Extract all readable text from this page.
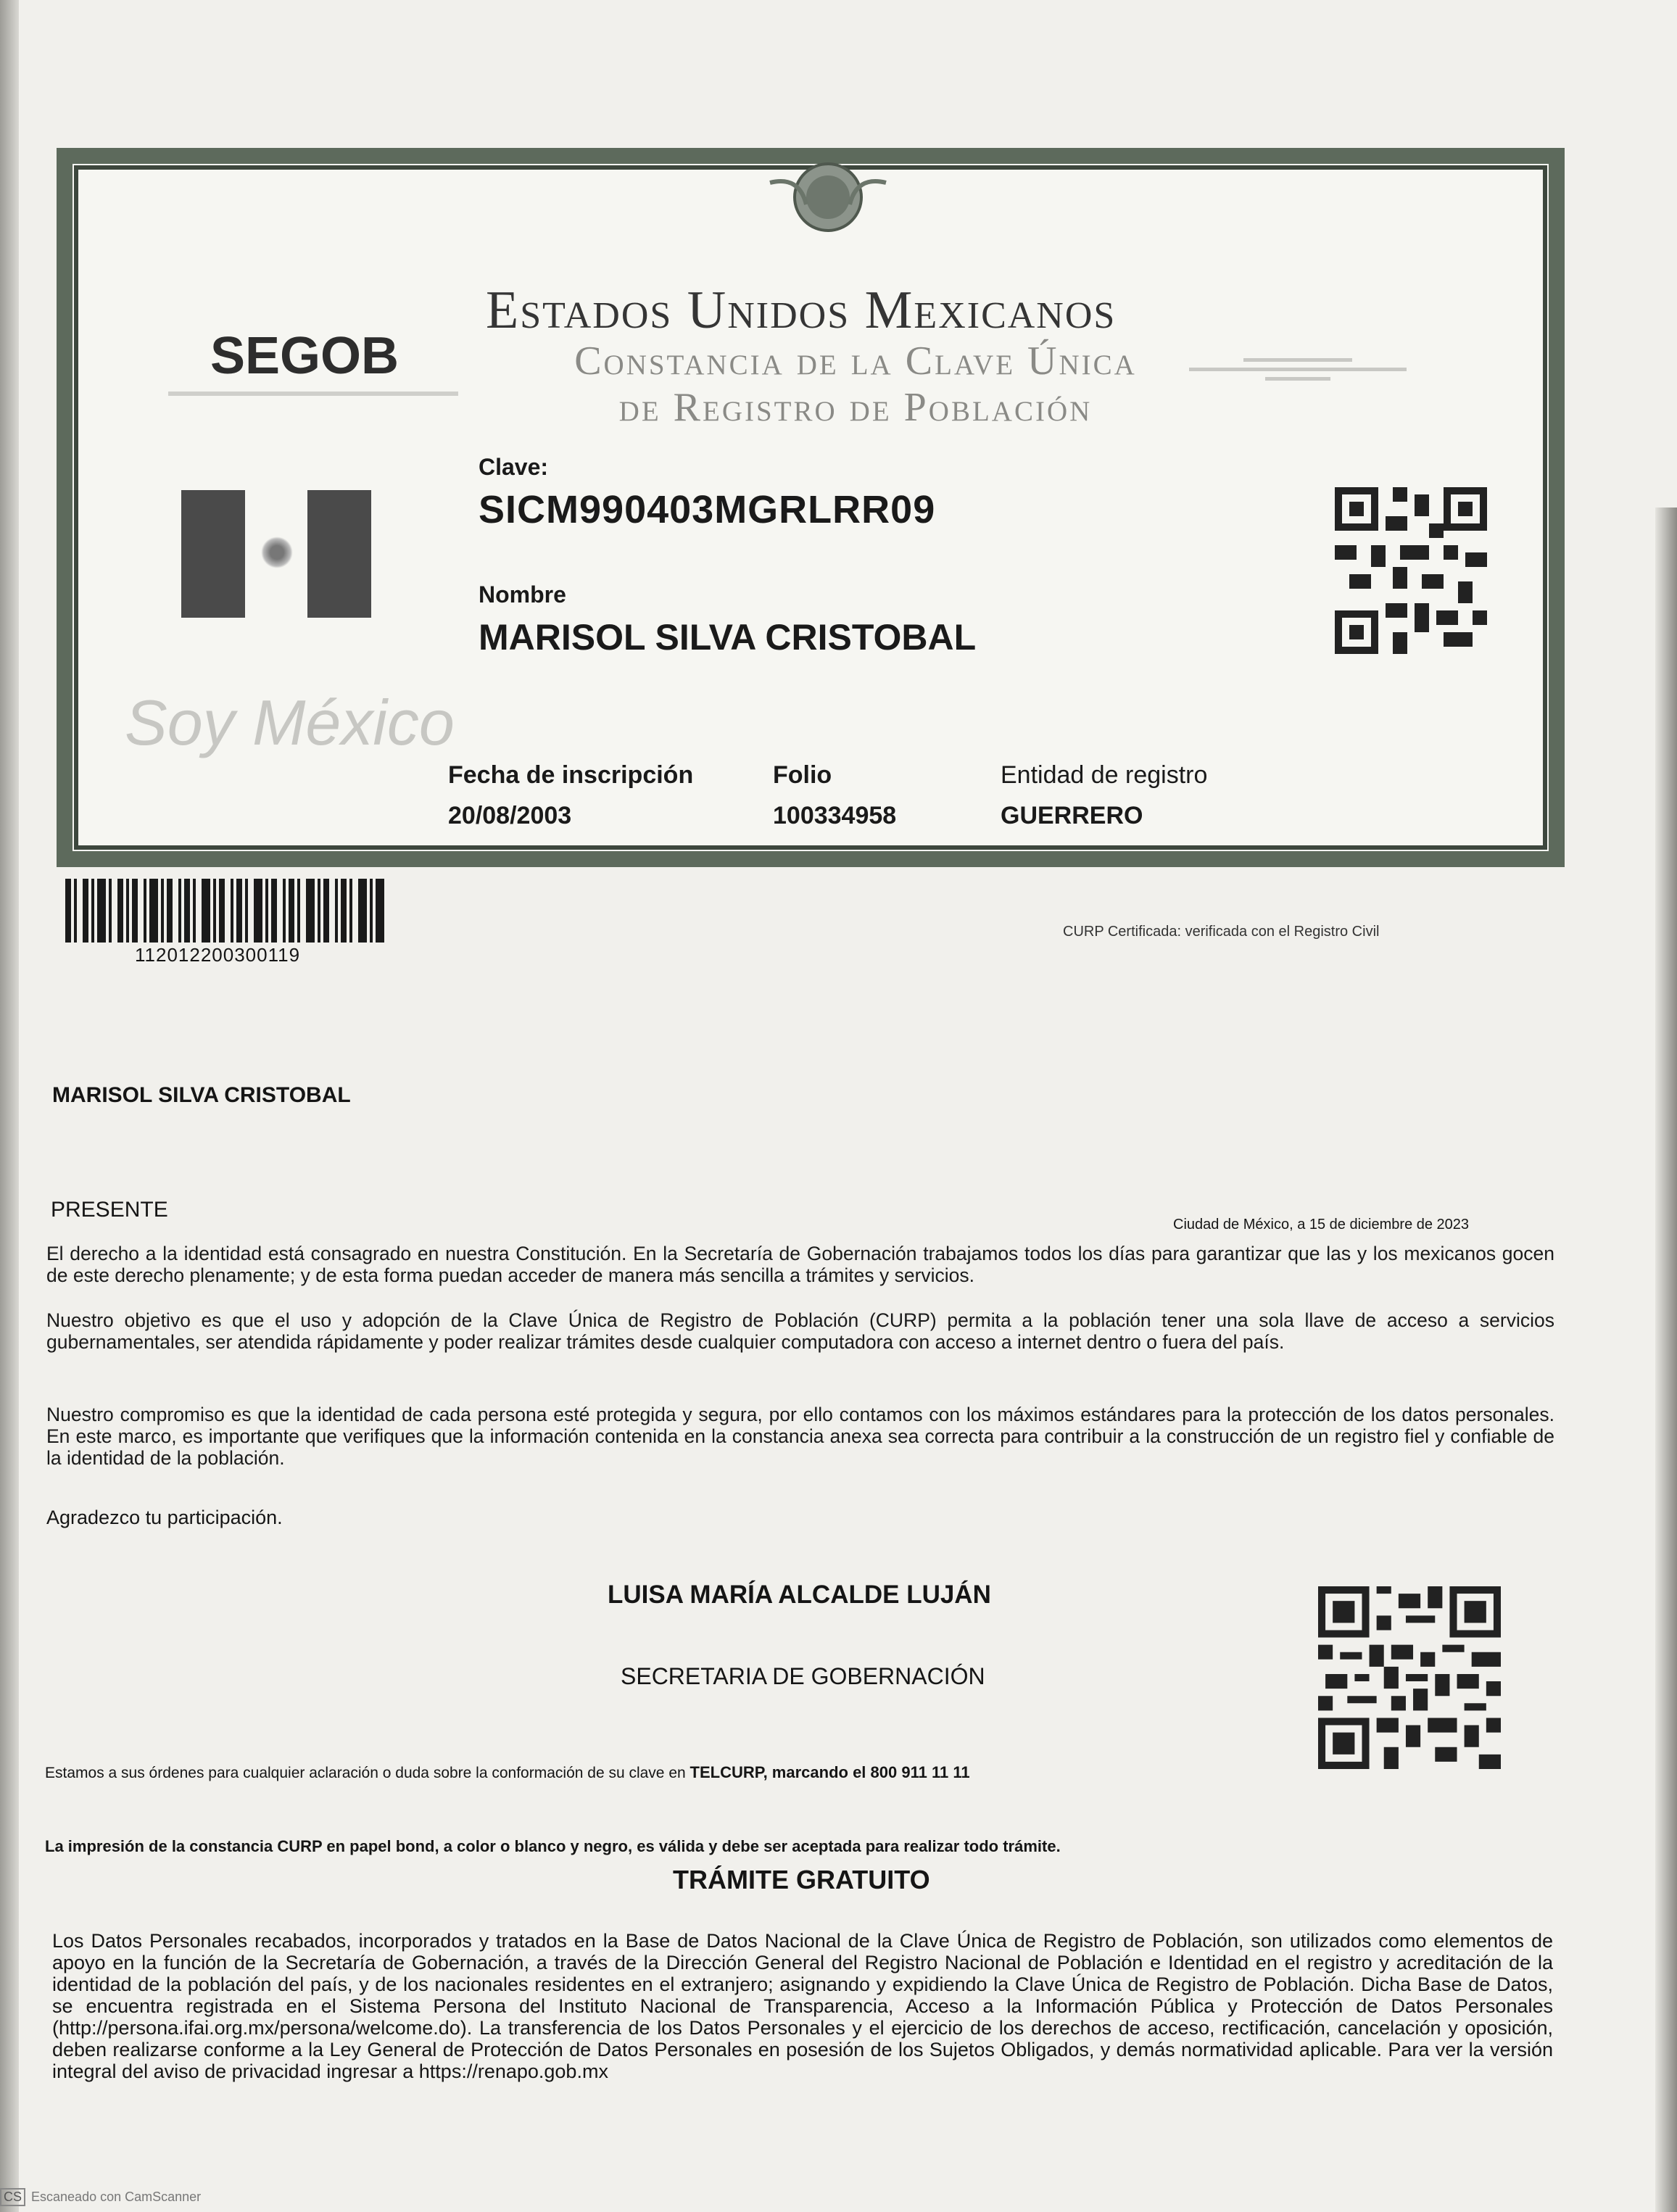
Estados Unidos Mexicanos
Constancia de la Clave Única
de Registro de Población
SEGOB
Clave:
SICM990403MGRLRR09
Nombre
MARISOL SILVA CRISTOBAL
Soy México
Fecha de inscripción
20/08/2003
Folio
100334958
Entidad de registro
GUERRERO
112012200300119
CURP Certificada: verificada con el Registro Civil
MARISOL SILVA CRISTOBAL
PRESENTE
Ciudad de México, a 15 de diciembre de 2023
El derecho a la identidad está consagrado en nuestra Constitución. En la Secretaría de Gobernación trabajamos todos los días para garantizar que las y los mexicanos gocen de este derecho plenamente; y de esta forma puedan acceder de manera más sencilla a trámites y servicios.
Nuestro objetivo es que el uso y adopción de la Clave Única de Registro de Población (CURP) permita a la población tener una sola llave de acceso a servicios gubernamentales, ser atendida rápidamente y poder realizar trámites desde cualquier computadora con acceso a internet dentro o fuera del país.
Nuestro compromiso es que la identidad de cada persona esté protegida y segura, por ello contamos con los máximos estándares para la protección de los datos personales. En este marco, es importante que verifiques que la información contenida en la constancia anexa sea correcta para contribuir a la construcción de un registro fiel y confiable de la identidad de la población.
Agradezco tu participación.
LUISA MARÍA ALCALDE LUJÁN
SECRETARIA DE GOBERNACIÓN
Estamos a sus órdenes para cualquier aclaración o duda sobre la conformación de su clave en TELCURP, marcando el 800 911 11 11
La impresión de la constancia CURP en papel bond, a color o blanco y negro, es válida y debe ser aceptada para realizar todo trámite.
TRÁMITE GRATUITO
Los Datos Personales recabados, incorporados y tratados en la Base de Datos Nacional de la Clave Única de Registro de Población, son utilizados como elementos de apoyo en la función de la Secretaría de Gobernación, a través de la Dirección General del Registro Nacional de Población e Identidad en el registro y acreditación de la identidad de la población del país, y de los nacionales residentes en el extranjero; asignando y expidiendo la Clave Única de Registro de Población. Dicha Base de Datos, se encuentra registrada en el Sistema Persona del Instituto Nacional de Transparencia, Acceso a la Información Pública y Protección de Datos Personales (http://persona.ifai.org.mx/persona/welcome.do). La transferencia de los Datos Personales y el ejercicio de los derechos de acceso, rectificación, cancelación y oposición, deben realizarse conforme a la Ley General de Protección de Datos Personales en posesión de los Sujetos Obligados, y demás normatividad aplicable. Para ver la versión integral del aviso de privacidad ingresar a https://renapo.gob.mx
CS Escaneado con CamScanner
